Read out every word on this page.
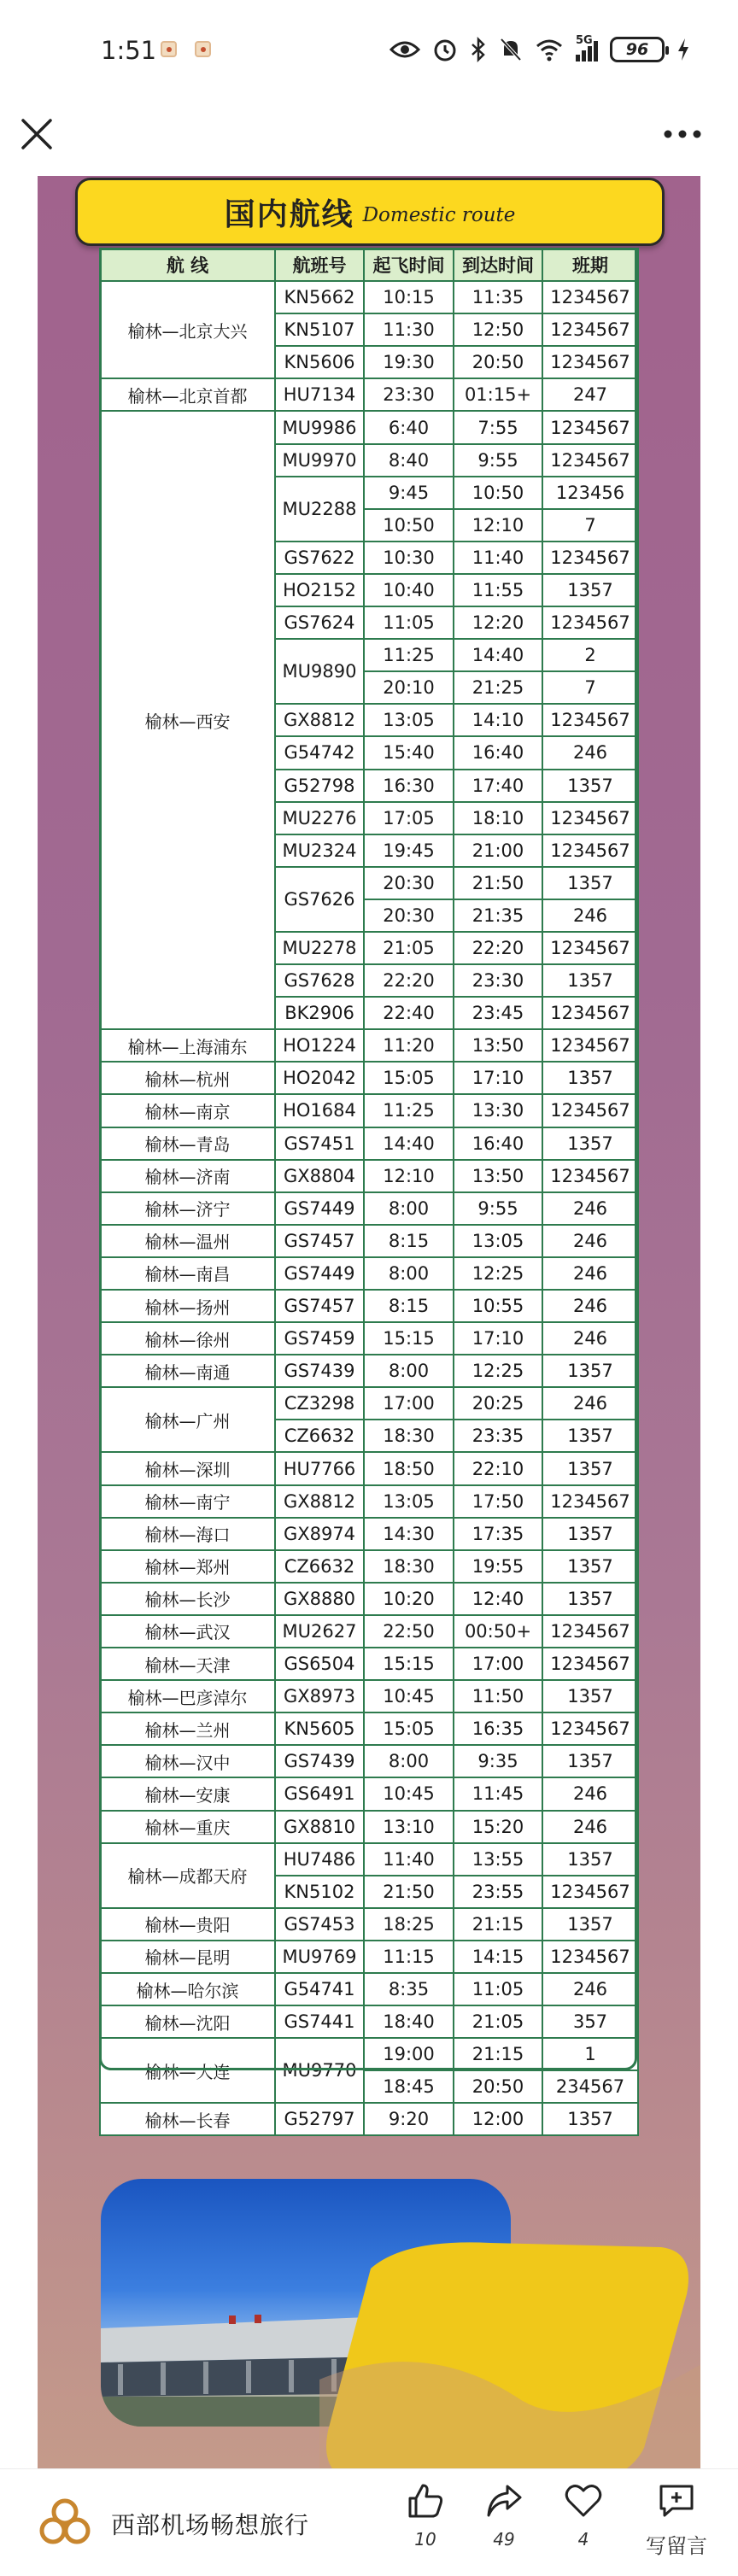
1:51	5G	96
国内航线 Domestic route
航 线	航班号	起飞时间	到达时间	班期
榆林—北京大兴	KN5662	10:15	11:35	1234567
	KN5107	11:30	12:50	1234567
	KN5606	19:30	20:50	1234567
榆林—北京首都	HU7134	23:30	01:15+	247
榆林—西安	MU9986	6:40	7:55	1234567
	MU9970	8:40	9:55	1234567
	MU2288	9:45	10:50	123456
		10:50	12:10	7
	GS7622	10:30	11:40	1234567
	HO2152	10:40	11:55	1357
	GS7624	11:05	12:20	1234567
	MU9890	11:25	14:40	2
		20:10	21:25	7
	GX8812	13:05	14:10	1234567
	G54742	15:40	16:40	246
	G52798	16:30	17:40	1357
	MU2276	17:05	18:10	1234567
	MU2324	19:45	21:00	1234567
	GS7626	20:30	21:50	1357
		20:30	21:35	246
	MU2278	21:05	22:20	1234567
	GS7628	22:20	23:30	1357
	BK2906	22:40	23:45	1234567
榆林—上海浦东	HO1224	11:20	13:50	1234567
榆林—杭州	HO2042	15:05	17:10	1357
榆林—南京	HO1684	11:25	13:30	1234567
榆林—青岛	GS7451	14:40	16:40	1357
榆林—济南	GX8804	12:10	13:50	1234567
榆林—济宁	GS7449	8:00	9:55	246
榆林—温州	GS7457	8:15	13:05	246
榆林—南昌	GS7449	8:00	12:25	246
榆林—扬州	GS7457	8:15	10:55	246
榆林—徐州	GS7459	15:15	17:10	246
榆林—南通	GS7439	8:00	12:25	1357
榆林—广州	CZ3298	17:00	20:25	246
	CZ6632	18:30	23:35	1357
榆林—深圳	HU7766	18:50	22:10	1357
榆林—南宁	GX8812	13:05	17:50	1234567
榆林—海口	GX8974	14:30	17:35	1357
榆林—郑州	CZ6632	18:30	19:55	1357
榆林—长沙	GX8880	10:20	12:40	1357
榆林—武汉	MU2627	22:50	00:50+	1234567
榆林—天津	GS6504	15:15	17:00	1234567
榆林—巴彦淖尔	GX8973	10:45	11:50	1357
榆林—兰州	KN5605	15:05	16:35	1234567
榆林—汉中	GS7439	8:00	9:35	1357
榆林—安康	GS6491	10:45	11:45	246
榆林—重庆	GX8810	13:10	15:20	246
榆林—成都天府	HU7486	11:40	13:55	1357
	KN5102	21:50	23:55	1234567
榆林—贵阳	GS7453	18:25	21:15	1357
榆林—昆明	MU9769	11:15	14:15	1234567
榆林—哈尔滨	G54741	8:35	11:05	246
榆林—沈阳	GS7441	18:40	21:05	357
榆林—大连	MU9770	19:00	21:15	1
		18:45	20:50	234567
榆林—长春	G52797	9:20	12:00	1357
西部机场畅想旅行	10	49	4	写留言
